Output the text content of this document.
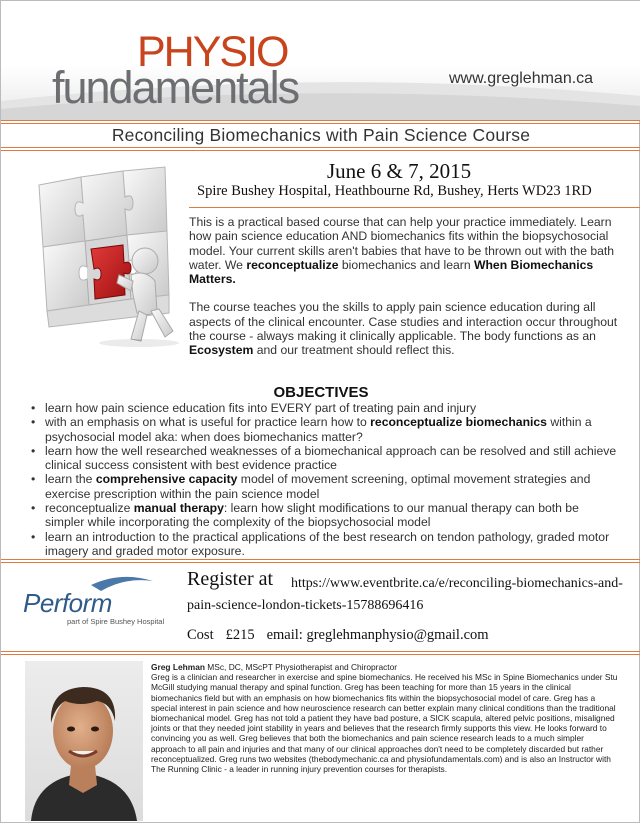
PHYSIO
fundamentals	www.greglehman.ca
Reconciling Biomechanics with Pain Science Course
June 6 & 7, 2015
Spire Bushey Hospital, Heathbourne Rd, Bushey, Herts WD23 1RD

This is a practical based course that can help your practice immediately. Learn how pain science education AND biomechanics fits within the biopsychosocial model. Your current skills aren't babies that have to be thrown out with the bath water. We reconceptualize biomechanics and learn When Biomechanics Matters.

The course teaches you the skills to apply pain science education during all aspects of the clinical encounter. Case studies and interaction occur throughout the course - always making it clinically applicable. The body functions as an Ecosystem and our treatment should reflect this.

OBJECTIVES
• learn how pain science education fits into EVERY part of treating pain and injury
• with an emphasis on what is useful for practice learn how to reconceptualize biomechanics within a psychosocial model aka: when does biomechanics matter?
• learn how the well researched weaknesses of a biomechanical approach can be resolved and still achieve clinical success consistent with best evidence practice
• learn the comprehensive capacity model of movement screening, optimal movement strategies and exercise prescription within the pain science model
• reconceptualize manual therapy: learn how slight modifications to our manual therapy can both be simpler while incorporating the complexity of the biopsychosocial model
• learn an introduction to the practical applications of the best research on tendon pathology, graded motor imagery and graded motor exposure.
Perform
part of Spire Bushey Hospital
Register at	https://www.eventbrite.ca/e/reconciling-biomechanics-and-pain-science-london-tickets-15788696416
Cost £215 email: greglehmanphysio@gmail.com
Greg Lehman MSc, DC, MScPT Physiotherapist and Chiropractor
Greg is a clinician and researcher in exercise and spine biomechanics. He received his MSc in Spine Biomechanics under Stu McGill studying manual therapy and spinal function. Greg has been teaching for more than 15 years in the clinical biomechanics field but with an emphasis on how biomechanics fits within the biopsychosocial model of care. Greg has a special interest in pain science and how neuroscience research can better explain many clinical conditions than the traditional biomechanical model. Greg has not told a patient they have bad posture, a SICK scapula, altered pelvic positions, misaligned joints or that they needed joint stability in years and believes that the research firmly supports this view. He looks forward to convincing you as well. Greg believes that both the biomechanics and pain science research leads to a much simpler approach to all pain and injuries and that many of our clinical approaches don't need to be completely discarded but rather reconceptualized. Greg runs two websites (thebodymechanic.ca and physiofundamentals.com) and is also an Instructor with The Running Clinic - a leader in running injury prevention courses for therapists.
